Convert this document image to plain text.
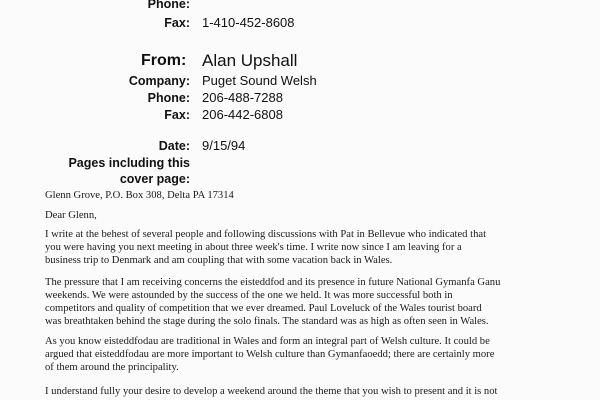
Phone:
Fax: 1-410-452-8608
From: Alan Upshall
Company: Puget Sound Welsh
Phone: 206-488-7288
Fax: 206-442-6808
Date: 9/15/94
Pages including this
cover page:
Glenn Grove, P.O. Box 308, Delta PA 17314
Dear Glenn,
I write at the behest of several people and following discussions with Pat in Bellevue who indicated that
you were having you next meeting in about three week's time. I write now since I am leaving for a
business trip to Denmark and am coupling that with some vacation back in Wales.
The pressure that I am receiving concerns the eisteddfod and its presence in future National Gymanfa Ganu
weekends. We were astounded by the success of the one we held. It was more successful both in
competitors and quality of competition that we ever dreamed. Paul Loveluck of the Wales tourist board
was breathtaken behind the stage during the solo finals. The standard was as high as often seen in Wales.
As you know eisteddfodau are traditional in Wales and form an integral part of Welsh culture. It could be
argued that eisteddfodau are more important to Welsh culture than Gymanfaoedd; there are certainly more
of them around the principality.
I understand fully your desire to develop a weekend around the theme that you wish to present and it is not
